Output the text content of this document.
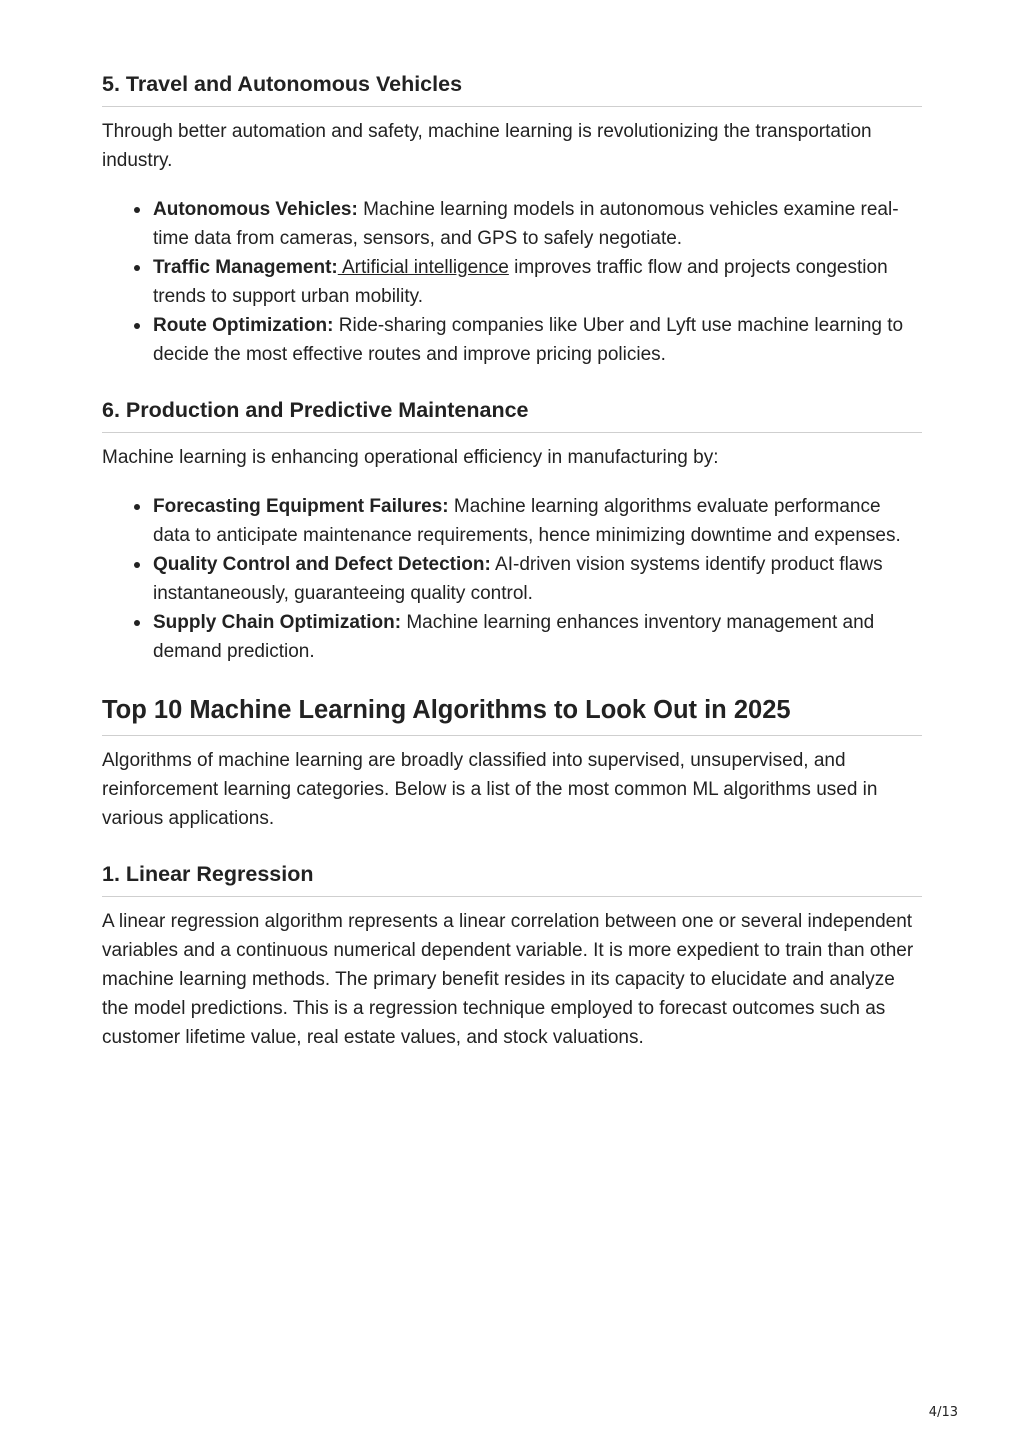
5. Travel and Autonomous Vehicles

Through better automation and safety, machine learning is revolutionizing the transportation industry.

Autonomous Vehicles: Machine learning models in autonomous vehicles examine real-time data from cameras, sensors, and GPS to safely negotiate.
Traffic Management: Artificial intelligence improves traffic flow and projects congestion trends to support urban mobility.
Route Optimization: Ride-sharing companies like Uber and Lyft use machine learning to decide the most effective routes and improve pricing policies.
6. Production and Predictive Maintenance

Machine learning is enhancing operational efficiency in manufacturing by:

Forecasting Equipment Failures: Machine learning algorithms evaluate performance data to anticipate maintenance requirements, hence minimizing downtime and expenses.
Quality Control and Defect Detection: AI-driven vision systems identify product flaws instantaneously, guaranteeing quality control.
Supply Chain Optimization: Machine learning enhances inventory management and demand prediction.
Top 10 Machine Learning Algorithms to Look Out in 2025

Algorithms of machine learning are broadly classified into supervised, unsupervised, and reinforcement learning categories. Below is a list of the most common ML algorithms used in various applications.

1. Linear Regression

A linear regression algorithm represents a linear correlation between one or several independent variables and a continuous numerical dependent variable. It is more expedient to train than other machine learning methods. The primary benefit resides in its capacity to elucidate and analyze the model predictions. This is a regression technique employed to forecast outcomes such as customer lifetime value, real estate values, and stock valuations.

4/13
